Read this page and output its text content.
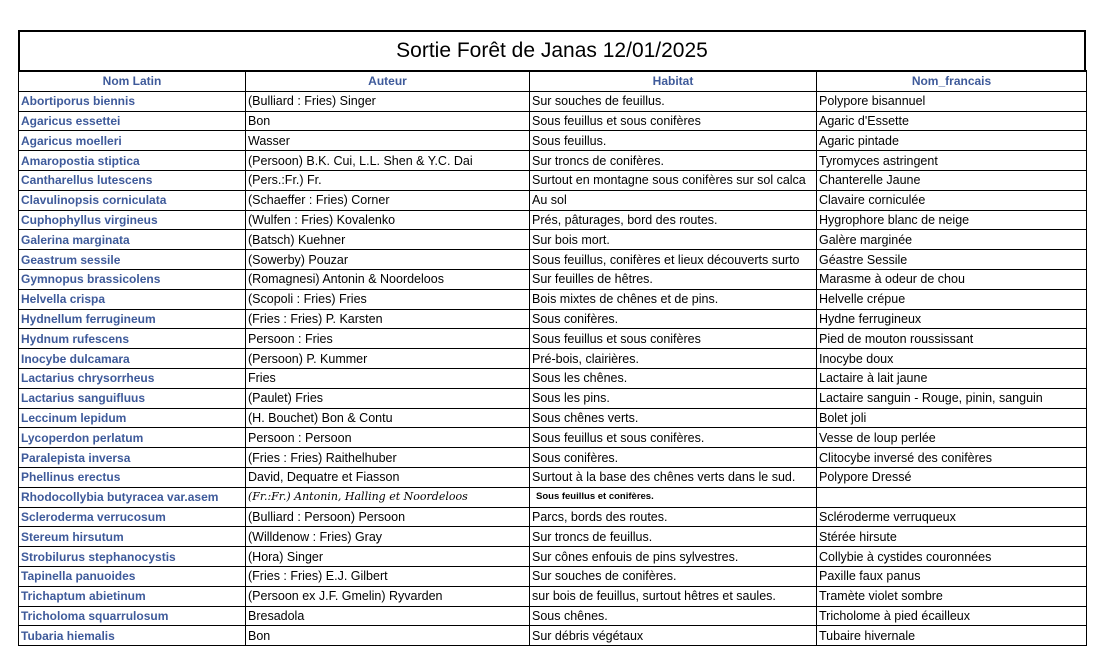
Sortie Forêt de Janas 12/01/2025
Nom Latin	Auteur	Habitat	Nom_francais
Abortiporus biennis	(Bulliard : Fries) Singer	Sur souches de feuillus.	Polypore bisannuel
Agaricus essettei	Bon	Sous feuillus et sous conifères	Agaric d'Essette
Agaricus moelleri	Wasser	Sous feuillus.	Agaric pintade
Amaropostia stiptica	(Persoon) B.K. Cui, L.L. Shen & Y.C. Dai	Sur troncs de conifères.	Tyromyces astringent
Cantharellus lutescens	(Pers.:Fr.) Fr.	Surtout en montagne sous conifères sur sol calca	Chanterelle Jaune
Clavulinopsis corniculata	(Schaeffer : Fries) Corner	Au sol	Clavaire corniculée
Cuphophyllus virgineus	(Wulfen : Fries) Kovalenko	Prés, pâturages, bord des routes.	Hygrophore blanc de neige
Galerina marginata	(Batsch) Kuehner	Sur bois mort.	Galère marginée
Geastrum sessile	(Sowerby) Pouzar	Sous feuillus, conifères et lieux découverts surto	Géastre Sessile
Gymnopus brassicolens	(Romagnesi) Antonin & Noordeloos	Sur feuilles de hêtres.	Marasme à odeur de chou
Helvella crispa	(Scopoli : Fries) Fries	Bois mixtes de chênes et de pins.	Helvelle crépue
Hydnellum ferrugineum	(Fries : Fries) P. Karsten	Sous conifères.	Hydne ferrugineux
Hydnum rufescens	Persoon : Fries	Sous feuillus et sous conifères	Pied de mouton roussissant
Inocybe dulcamara	(Persoon) P. Kummer	Pré-bois, clairières.	Inocybe doux
Lactarius chrysorrheus	Fries	Sous les chênes.	Lactaire à lait jaune
Lactarius sanguifluus	(Paulet) Fries	Sous les pins.	Lactaire sanguin - Rouge, pinin, sanguin
Leccinum lepidum	(H. Bouchet) Bon & Contu	Sous chênes verts.	Bolet joli
Lycoperdon perlatum	Persoon : Persoon	Sous feuillus et sous conifères.	Vesse de loup perlée
Paralepista inversa	(Fries : Fries) Raithelhuber	Sous conifères.	Clitocybe inversé des conifères
Phellinus erectus	David, Dequatre et Fiasson	Surtout à la base des chênes verts dans le sud.	Polypore Dressé
Rhodocollybia butyracea var.asem	(Fr.:Fr.) Antonin, Halling et Noordeloos	Sous feuillus et conifères.	
Scleroderma verrucosum	(Bulliard : Persoon) Persoon	Parcs, bords des routes.	Scléroderme verruqueux
Stereum hirsutum	(Willdenow : Fries) Gray	Sur troncs de feuillus.	Stérée hirsute
Strobilurus stephanocystis	(Hora) Singer	Sur cônes enfouis de pins sylvestres.	Collybie à cystides couronnées
Tapinella panuoides	(Fries : Fries) E.J. Gilbert	Sur souches de conifères.	Paxille faux panus
Trichaptum abietinum	(Persoon ex J.F. Gmelin) Ryvarden	sur bois de feuillus, surtout hêtres et saules.	Tramète violet sombre
Tricholoma squarrulosum	Bresadola	Sous chênes.	Tricholome à pied écailleux
Tubaria hiemalis	Bon	Sur débris végétaux	Tubaire hivernale
